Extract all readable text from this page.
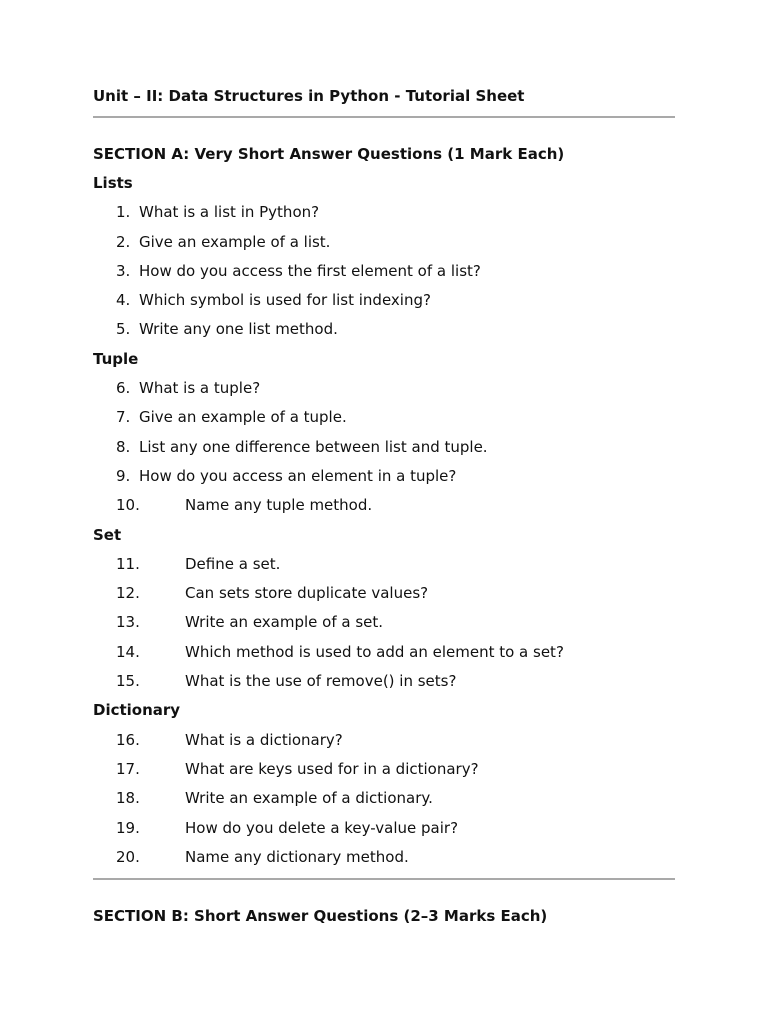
Unit – II: Data Structures in Python - Tutorial Sheet
SECTION A: Very Short Answer Questions (1 Mark Each)
Lists
1. What is a list in Python?
2. Give an example of a list.
3. How do you access the first element of a list?
4. Which symbol is used for list indexing?
5. Write any one list method.
Tuple
6. What is a tuple?
7. Give an example of a tuple.
8. List any one difference between list and tuple.
9. How do you access an element in a tuple?
10.	Name any tuple method.
Set
11.	Define a set.
12.	Can sets store duplicate values?
13.	Write an example of a set.
14.	Which method is used to add an element to a set?
15.	What is the use of remove() in sets?
Dictionary
16.	What is a dictionary?
17.	What are keys used for in a dictionary?
18.	Write an example of a dictionary.
19.	How do you delete a key-value pair?
20.	Name any dictionary method.
SECTION B: Short Answer Questions (2–3 Marks Each)
